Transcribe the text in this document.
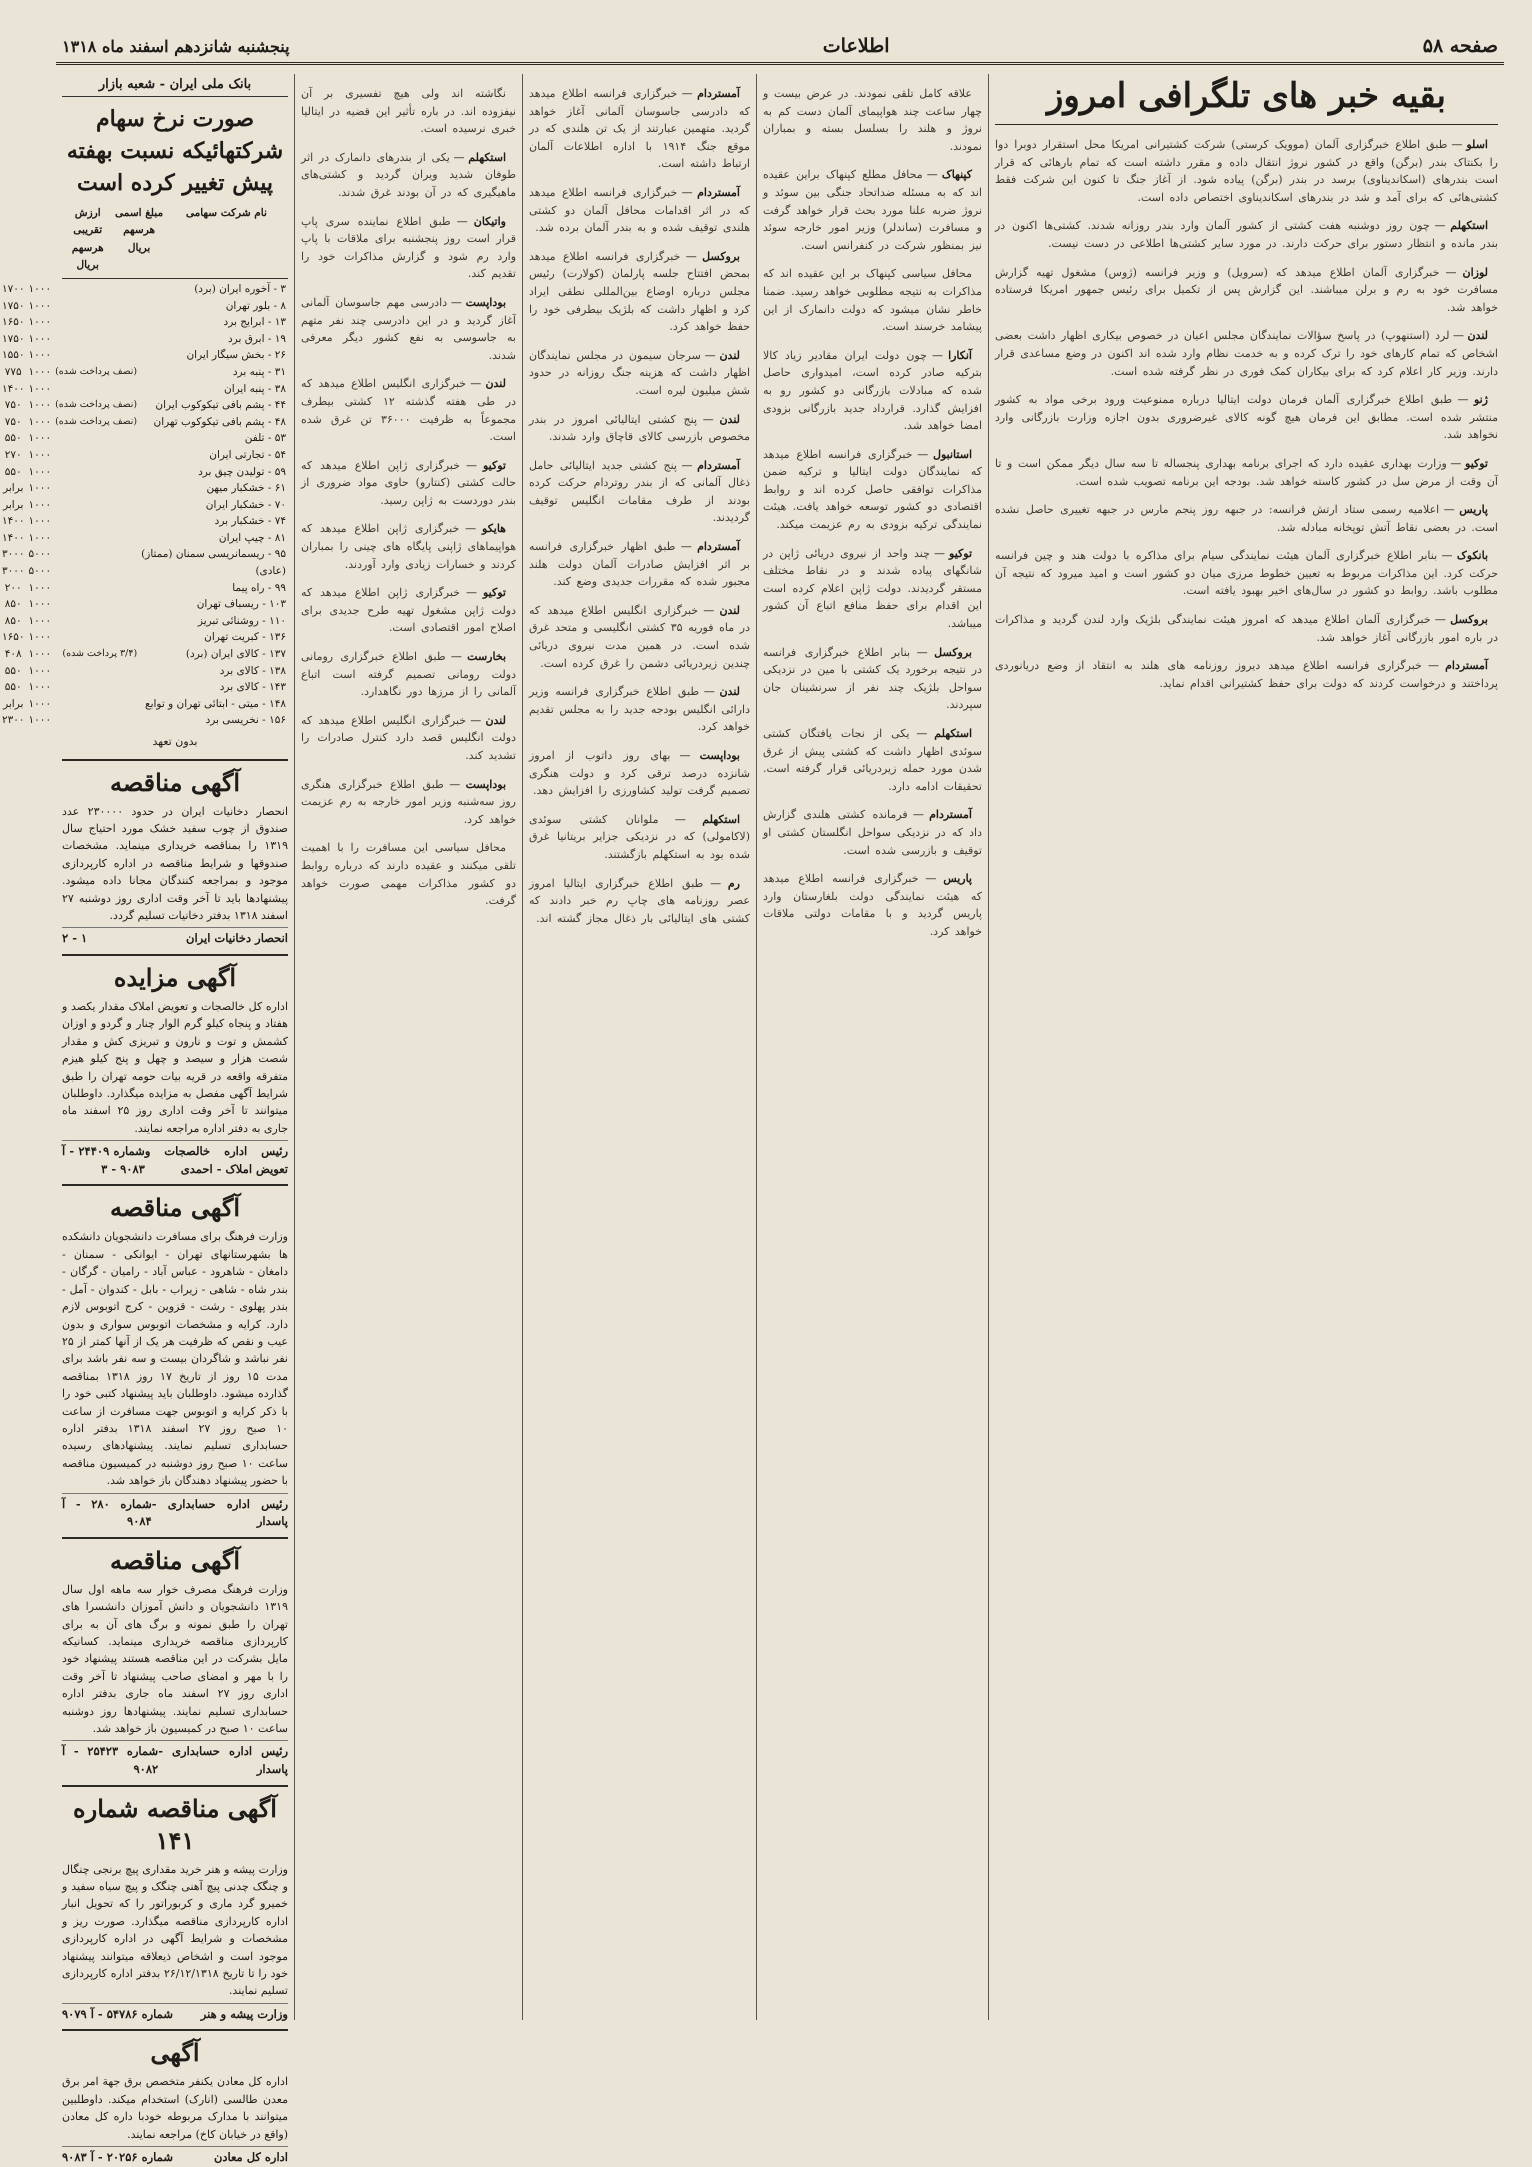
صفحه ۵۸
اطلاعات
پنجشنبه شانزدهم اسفند ماه ۱۳۱۸
بقیه خبر های تلگرافی امروز

اسلو — طبق اطلاع خبرگزاری آلمان (موویک کرستی) شرکت کشتیرانی امریکا محل استقرار دوبرا دوا را بکنتاک بندر (برگن) واقع در کشور نروژ انتقال داده و مقرر داشته است که تمام بارهائی که قرار است بندرهای (اسکاندیناوی) برسد در بندر (برگن) پیاده شود. از آغاز جنگ تا کنون این شرکت فقط کشتی‌هائی که برای آمد و شد در بندرهای اسکاندیناوی اختصاص داده است.

استکهلم — چون روز دوشنبه هفت کشتی از کشور آلمان وارد بندر روزانه شدند. کشتی‌ها اکنون در بندر مانده و انتظار دستور برای حرکت دارند. در مورد سایر کشتی‌ها اطلاعی در دست نیست.

لوزان — خبرگزاری آلمان اطلاع میدهد که (سرویل) و وزیر فرانسه (ژوس) مشغول تهیه گزارش مسافرت خود به رم و برلن میباشند. این گزارش پس از تکمیل برای رئیس جمهور امریکا فرستاده خواهد شد.

لندن — لرد (استنهوپ) در پاسخ سؤالات نمایندگان مجلس اعیان در خصوص بیکاری اظهار داشت بعضی اشخاص که تمام کارهای خود را ترک کرده و به خدمت نظام وارد شده اند اکنون در وضع مساعدی قرار دارند. وزیر کار اعلام کرد که برای بیکاران کمک فوری در نظر گرفته شده است.

ژنو — طبق اطلاع خبرگزاری آلمان فرمان دولت ایتالیا درباره ممنوعیت ورود برخی مواد به کشور منتشر شده است. مطابق این فرمان هیچ گونه کالای غیرضروری بدون اجازه وزارت بازرگانی وارد نخواهد شد.

توکیو — وزارت بهداری عقیده دارد که اجرای برنامه بهداری پنجساله تا سه سال دیگر ممکن است و تا آن وقت از مرض سل در کشور کاسته خواهد شد. بودجه این برنامه تصویب شده است.

پاریس — اعلامیه رسمی ستاد ارتش فرانسه: در جبهه روز پنجم مارس در جبهه تغییری حاصل نشده است. در بعضی نقاط آتش توپخانه مبادله شد.

بانکوک — بنابر اطلاع خبرگزاری آلمان هیئت نمایندگی سیام برای مذاکره با دولت هند و چین فرانسه حرکت کرد. این مذاکرات مربوط به تعیین خطوط مرزی میان دو کشور است و امید میرود که نتیجه آن مطلوب باشد. روابط دو کشور در سال‌های اخیر بهبود یافته است.

بروکسل — خبرگزاری آلمان اطلاع میدهد که امروز هیئت نمایندگی بلژیک وارد لندن گردید و مذاکرات در باره امور بازرگانی آغاز خواهد شد.

آمستردام — خبرگزاری فرانسه اطلاع میدهد دیروز روزنامه های هلند به انتقاد از وضع دریانوردی پرداختند و درخواست کردند که دولت برای حفظ کشتیرانی اقدام نماید.

علاقه کامل تلقی نمودند. در عرض بیست و چهار ساعت چند هواپیمای آلمان دست کم به نروژ و هلند را بسلسل بسته و بمباران نمودند.

کپنهاک — محافل مطلع کپنهاک براین عقیده اند که به مسئله ضداتحاد جنگی بین سوئد و نروژ ضربه علنا مورد بحث قرار خواهد گرفت و مسافرت (ساندلر) وزیر امور خارجه سوئد نیز بمنظور شرکت در کنفرانس است.

محافل سیاسی کپنهاک بر این عقیده اند که مذاکرات به نتیجه مطلوبی خواهد رسید. ضمنا خاطر نشان میشود که دولت دانمارک از این پیشامد خرسند است.

آنکارا — چون دولت ایران مقادیر زیاد کالا بترکیه صادر کرده است، امیدواری حاصل شده که مبادلات بازرگانی دو کشور رو به افزایش گذارد. قرارداد جدید بازرگانی بزودی امضا خواهد شد.

استانبول — خبرگزاری فرانسه اطلاع میدهد که نمایندگان دولت ایتالیا و ترکیه ضمن مذاکرات توافقی حاصل کرده اند و روابط اقتصادی دو کشور توسعه خواهد یافت. هیئت نمایندگی ترکیه بزودی به رم عزیمت میکند.

توکیو — چند واحد از نیروی دریائی ژاپن در شانگهای پیاده شدند و در نقاط مختلف مستقر گردیدند. دولت ژاپن اعلام کرده است این اقدام برای حفظ منافع اتباع آن کشور میباشد.

بروکسل — بنابر اطلاع خبرگزاری فرانسه در نتیجه برخورد یک کشتی با مین در نزدیکی سواحل بلژیک چند نفر از سرنشینان جان سپردند.

استکهلم — یکی از نجات یافتگان کشتی سوئدی اظهار داشت که کشتی پیش از غرق شدن مورد حمله زیردریائی قرار گرفته است. تحقیقات ادامه دارد.

آمستردام — فرمانده کشتی هلندی گزارش داد که در نزدیکی سواحل انگلستان کشتی او توقیف و بازرسی شده است.

پاریس — خبرگزاری فرانسه اطلاع میدهد که هیئت نمایندگی دولت بلغارستان وارد پاریس گردید و با مقامات دولتی ملاقات خواهد کرد.

آمستردام — خبرگزاری فرانسه اطلاع میدهد که دادرسی جاسوسان آلمانی آغاز خواهد گردید. متهمین عبارتند از یک تن هلندی که در موقع جنگ ۱۹۱۴ با اداره اطلاعات آلمان ارتباط داشته است.

آمستردام — خبرگزاری فرانسه اطلاع میدهد که در اثر اقدامات محافل آلمان دو کشتی هلندی توقیف شده و به بندر آلمان برده شد.

بروکسل — خبرگزاری فرانسه اطلاع میدهد بمحض افتتاح جلسه پارلمان (کولارت) رئیس مجلس درباره اوضاع بین‌المللی نطقی ایراد کرد و اظهار داشت که بلژیک بیطرفی خود را حفظ خواهد کرد.

لندن — سرجان سیمون در مجلس نمایندگان اظهار داشت که هزینه جنگ روزانه در حدود شش میلیون لیره است.

لندن — پنج کشتی ایتالیائی امروز در بندر مخصوص بازرسی کالای قاچاق وارد شدند.

آمستردام — پنج کشتی جدید ایتالیائی حامل ذغال آلمانی که از بندر روتردام حرکت کرده بودند از طرف مقامات انگلیس توقیف گردیدند.

آمستردام — طبق اظهار خبرگزاری فرانسه بر اثر افزایش صادرات آلمان دولت هلند مجبور شده که مقررات جدیدی وضع کند.

لندن — خبرگزاری انگلیس اطلاع میدهد که در ماه فوریه ۳۵ کشتی انگلیسی و متحد غرق شده است. در همین مدت نیروی دریائی چندین زیردریائی دشمن را غرق کرده است.

لندن — طبق اطلاع خبرگزاری فرانسه وزیر دارائی انگلیس بودجه جدید را به مجلس تقدیم خواهد کرد.

بوداپست — بهای روز داتوب از امروز شانزده درصد ترقی کرد و دولت هنگری تصمیم گرفت تولید کشاورزی را افزایش دهد.

استکهلم — ملوانان کشتی سوئدی (لاکامولی) که در نزدیکی جزایر بریتانیا غرق شده بود به استکهلم بازگشتند.

رم — طبق اطلاع خبرگزاری ایتالیا امروز عصر روزنامه های چاپ رم خبر دادند که کشتی های ایتالیائی بار ذغال مجاز گشته اند.

نگاشته اند ولی هیچ تفسیری بر آن نیفزوده اند. در باره تأثیر این قضیه در ایتالیا خبری نرسیده است.

استکهلم — یکی از بندرهای دانمارک در اثر طوفان شدید ویران گردید و کشتی‌های ماهیگیری که در آن بودند غرق شدند.

واتیکان — طبق اطلاع نماینده سری پاپ قرار است روز پنجشنبه برای ملاقات با پاپ وارد رم شود و گزارش مذاکرات خود را تقدیم کند.

بوداپست — دادرسی مهم جاسوسان آلمانی آغاز گردید و در این دادرسی چند نفر متهم به جاسوسی به نفع کشور دیگر معرفی شدند.

لندن — خبرگزاری انگلیس اطلاع میدهد که در طی هفته گذشته ۱۲ کشتی بیطرف مجموعاً به ظرفیت ۳۶۰۰۰ تن غرق شده است.

توکیو — خبرگزاری ژاپن اطلاع میدهد که حالت کشتی (کنتارو) حاوی مواد ضروری از بندر دوردست به ژاپن رسید.

هایکو — خبرگزاری ژاپن اطلاع میدهد که هواپیماهای ژاپنی پایگاه های چینی را بمباران کردند و خسارات زیادی وارد آوردند.

توکیو — خبرگزاری ژاپن اطلاع میدهد که دولت ژاپن مشغول تهیه طرح جدیدی برای اصلاح امور اقتصادی است.

بخارست — طبق اطلاع خبرگزاری رومانی دولت رومانی تصمیم گرفته است اتباع آلمانی را از مرزها دور نگاهدارد.

لندن — خبرگزاری انگلیس اطلاع میدهد که دولت انگلیس قصد دارد کنترل صادرات را تشدید کند.

بوداپست — طبق اطلاع خبرگزاری هنگری روز سه‌شنبه وزیر امور خارجه به رم عزیمت خواهد کرد.

محافل سیاسی این مسافرت را با اهمیت تلقی میکنند و عقیده دارند که درباره روابط دو کشور مذاکرات مهمی صورت خواهد گرفت.

بانک ملی ایران - شعبه بازار
صورت نرخ سهام شرکتهائیکه نسبت بهفته پیش تغییر کرده است
نام شرکت سهامی
مبلغ اسمی هرسهم بریال
ارزش تقریبی هرسهم بریال
۳ - آخوره ایران (برد)		۱۰۰۰	۱۷۰۰
۸ - بلور تهران		۱۰۰۰	۱۷۵۰
۱۳ - ابرایج برد		۱۰۰۰	۱۶۵۰
۱۹ - ابرق برد		۱۰۰۰	۱۷۵۰
۲۶ - بخش سیگار ایران		۱۰۰۰	۱۵۵۰
۳۱ - پنبه برد	(نصف پرداخت شده)	۱۰۰۰	۷۷۵
۳۸ - پنبه ایران		۱۰۰۰	۱۴۰۰
۴۴ - پشم بافی تیکوکوب ایران	(نصف پرداخت شده)	۱۰۰۰	۷۵۰
۴۸ - پشم بافی تیکوکوب تهران	(نصف پرداخت شده)	۱۰۰۰	۷۵۰
۵۳ - تلفن		۱۰۰۰	۵۵۰
۵۴ - تجارتی ایران		۱۰۰۰	۲۷۰
۵۹ - تولیدن چیق برد		۱۰۰۰	۵۵۰
۶۱ - خشکبار میهن		۱۰۰۰	برابر
۷۰ - خشکبار ایران		۱۰۰۰	برابر
۷۴ - خشکبار برد		۱۰۰۰	۱۴۰۰
۸۱ - چیپ ایران		۱۰۰۰	۱۴۰۰
۹۵ - ریسمانریسی سمنان (ممتاز)		۵۰۰۰	۳۰۰۰
(عادی)		۵۰۰۰	۳۰۰۰
۹۹ - راه پیما		۱۰۰۰	۲۰۰
۱۰۳ - ریسباف تهران		۱۰۰۰	۸۵۰
۱۱۰ - روشنائی تبریز		۱۰۰۰	۸۵۰
۱۳۶ - کبریت تهران		۱۰۰۰	۱۶۵۰
۱۳۷ - کالای ایران (برد)	(۳/۴ پرداخت شده)	۱۰۰۰	۴۰۸
۱۳۸ - کالای برد		۱۰۰۰	۵۵۰
۱۴۳ - کالای برد		۱۰۰۰	۵۵۰
۱۴۸ - میتی - ابتائی تهران و توابع		۱۰۰۰	برابر
۱۵۶ - نخریسی برد		۱۰۰۰	۲۳۰۰
بدون تعهد
آگهی مناقصه
انحصار دخانیات ایران در حدود ۲۳۰۰۰۰ عدد صندوق از چوب سفید خشک مورد احتیاج سال ۱۳۱۹ را بمناقصه خریداری مینماید. مشخصات صندوقها و شرایط مناقصه در اداره کارپردازی موجود و بمراجعه کنندگان مجانا داده میشود. پیشنهادها باید تا آخر وقت اداری روز دوشنبه ۲۷ اسفند ۱۳۱۸ بدفتر دخانیات تسلیم گردد.
انحصار دخانیات ایران
۱ - ۲
آگهی مزایده
اداره کل خالصجات و تعویض املاک مقدار یکصد و هفتاد و پنجاه کیلو گرم الوار چنار و گردو و اوزان کشمش و توت و نارون و تبریزی کش و مقدار شصت هزار و سیصد و چهل و پنج کیلو هیزم متفرقه واقعه در قریه بیات حومه تهران را طبق شرایط آگهی مفصل به مزایده میگذارد. داوطلبان میتوانند تا آخر وقت اداری روز ۲۵ اسفند ماه جاری به دفتر اداره مراجعه نمایند.
رئیس اداره خالصجات و تعویض املاک - احمدی
شماره ۲۴۴۰۹ - آ ۹۰۸۳ - ۳
آگهی مناقصه
وزارت فرهنگ برای مسافرت دانشجویان دانشکده ها بشهرستانهای تهران - ایوانکی - سمنان - دامغان - شاهرود - عباس آباد - رامیان - گرگان - بندر شاه - شاهی - زیراب - بابل - کندوان - آمل - بندر پهلوی - رشت - قزوین - کرج اتوبوس لازم دارد. کرایه و مشخصات اتوبوس سواری و بدون عیب و نقص که ظرفیت هر یک از آنها کمتر از ۲۵ نفر نباشد و شاگردان بیست و سه نفر باشد برای مدت ۱۵ روز از تاریخ ۱۷ روز ۱۳۱۸ بمناقصه گذارده میشود. داوطلبان باید پیشنهاد کتبی خود را با ذکر کرایه و اتوبوس جهت مسافرت از ساعت ۱۰ صبح روز ۲۷ اسفند ۱۳۱۸ بدفتر اداره حسابداری تسلیم نمایند. پیشنهادهای رسیده ساعت ۱۰ صبح روز دوشنبه در کمیسیون مناقصه با حضور پیشنهاد دهندگان باز خواهد شد.
رئیس اداره حسابداری - پاسدار
شماره ۲۸۰ - آ ۹۰۸۴
آگهی مناقصه
وزارت فرهنگ مصرف خوار سه ماهه اول سال ۱۳۱۹ دانشجویان و دانش آموزان دانشسرا های تهران را طبق نمونه و برگ های آن به برای کارپردازی مناقصه خریداری مینماید. کسانیکه مایل بشرکت در این مناقصه هستند پیشنهاد خود را با مهر و امضای صاحب پیشنهاد تا آخر وقت اداری روز ۲۷ اسفند ماه جاری بدفتر اداره حسابداری تسلیم نمایند. پیشنهادها روز دوشنبه ساعت ۱۰ صبح در کمیسیون باز خواهد شد.
رئیس اداره حسابداری - پاسدار
شماره ۲۵۴۲۳ - آ ۹۰۸۲
آگهی مناقصه شماره ۱۴۱
وزارت پیشه و هنر خرید مقداری پیچ برنجی چنگال و چنگک چدنی پیچ آهنی چنگک و پیچ سیاه سفید و خمیرو گرد ماری و کربوراتور را که تحویل انبار اداره کارپردازی مناقصه میگذارد. صورت ریز و مشخصات و شرایط آگهی در اداره کارپردازی موجود است و اشخاص ذیعلاقه میتوانند پیشنهاد خود را تا تاریخ ۲۶/۱۲/۱۳۱۸ بدفتر اداره کارپردازی تسلیم نمایند.
وزارت پیشه و هنر
شماره ۵۴۷۸۶ - آ ۹۰۷۹
آگهی
اداره کل معادن یکنفر متخصص برق جهة امر برق معدن طالسی (انارک) استخدام میکند. داوطلبین میتوانند با مدارک مربوطه خودبا داره کل معادن (واقع در خیابان کاخ) مراجعه نمایند.
اداره کل معادن
شماره ۲۰۲۵۶ - آ ۹۰۸۳
